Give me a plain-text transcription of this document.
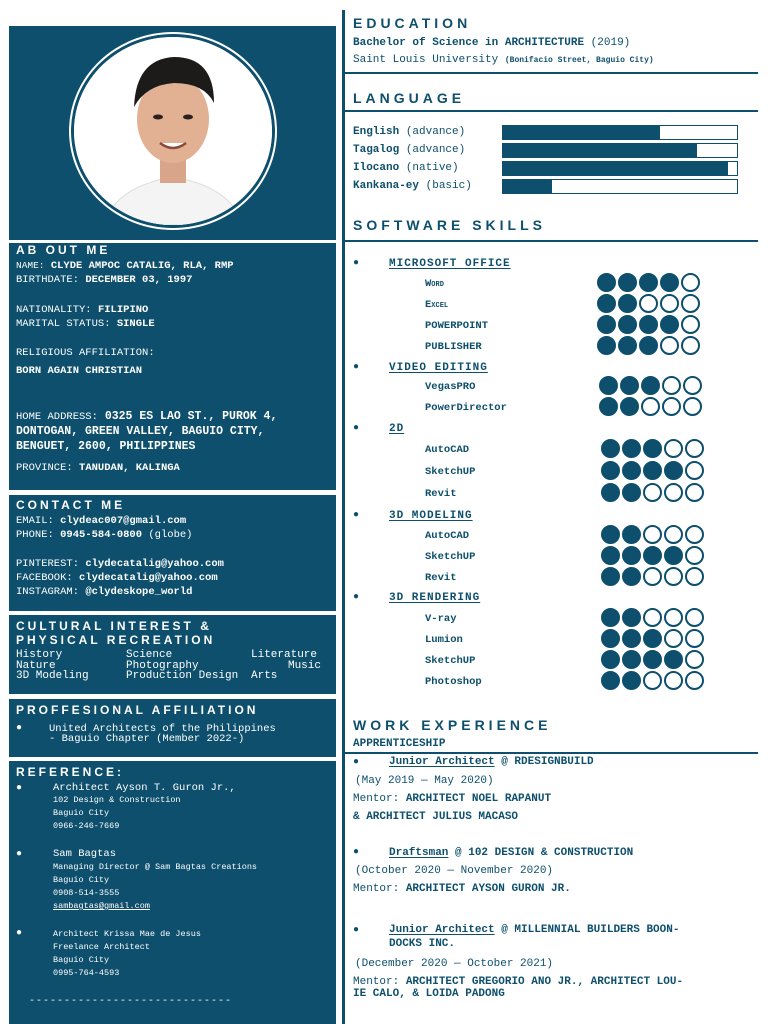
AB OUT ME
NAME: CLYDE AMPOC CATALIG, RLA, RMP
BIRTHDATE: DECEMBER 03, 1997
NATIONALITY: FILIPINO
MARITAL STATUS: SINGLE
RELIGIOUS AFFILIATION:
BORN AGAIN CHRISTIAN
HOME ADDRESS: 0325 ES LAO ST., PUROK 4,
DONTOGAN, GREEN VALLEY, BAGUIO CITY,
BENGUET, 2600, PHILIPPINES
PROVINCE: TANUDAN, KALINGA
CONTACT ME
EMAIL: clydeac007@gmail.com
PHONE: 0945-584-0800 (globe)
PINTEREST: clydecatalig@yahoo.com
FACEBOOK: clydecatalig@yahoo.com
INSTAGRAM: @clydeskope_world
CULTURAL INTEREST &
PHYSICAL RECREATION
History	Science	Literature
Nature	Photography	Music
3D Modeling	Production Design	Arts
PROFFESIONAL AFFILIATION
●	United Architects of the Philippines
- Baguio Chapter (Member 2022-)
REFERENCE:
●	Architect Ayson T. Guron Jr.,
102 Design & Construction
Baguio City
0966-246-7669
●	Sam Bagtas
Managing Director @ Sam Bagtas Creations
Baguio City
0908-514-3555
sambagtas@gmail.com
●	Architect Krissa Mae de Jesus
Freelance Architect
Baguio City
0995-764-4593
-----------------------------
EDUCATION
Bachelor of Science in ARCHITECTURE (2019)
Saint Louis University (Bonifacio Street, Baguio City)
LANGUAGE
English (advance)
Tagalog (advance)
Ilocano (native)
Kankana-ey (basic)
SOFTWARE SKILLS
●	MICROSOFT OFFICE
Word
Excel
POWERPOINT
PUBLISHER
●	VIDEO EDITING
VegasPRO
PowerDirector
●	2D
AutoCAD
SketchUP
Revit
●	3D MODELING
AutoCAD
SketchUP
Revit
●	3D RENDERING
V-ray
Lumion
SketchUP
Photoshop
WORK EXPERIENCE
APPRENTICESHIP
●	Junior Architect @ RDESIGNBUILD
(May 2019 — May 2020)
Mentor: ARCHITECT NOEL RAPANUT
& ARCHITECT JULIUS MACASO
●	Draftsman @ 102 DESIGN & CONSTRUCTION
(October 2020 — November 2020)
Mentor: ARCHITECT AYSON GURON JR.
●	Junior Architect @ MILLENNIAL BUILDERS BOON-
DOCKS INC.
(December 2020 — October 2021)
Mentor: ARCHITECT GREGORIO ANO JR., ARCHITECT LOU-
IE CALO, & LOIDA PADONG
